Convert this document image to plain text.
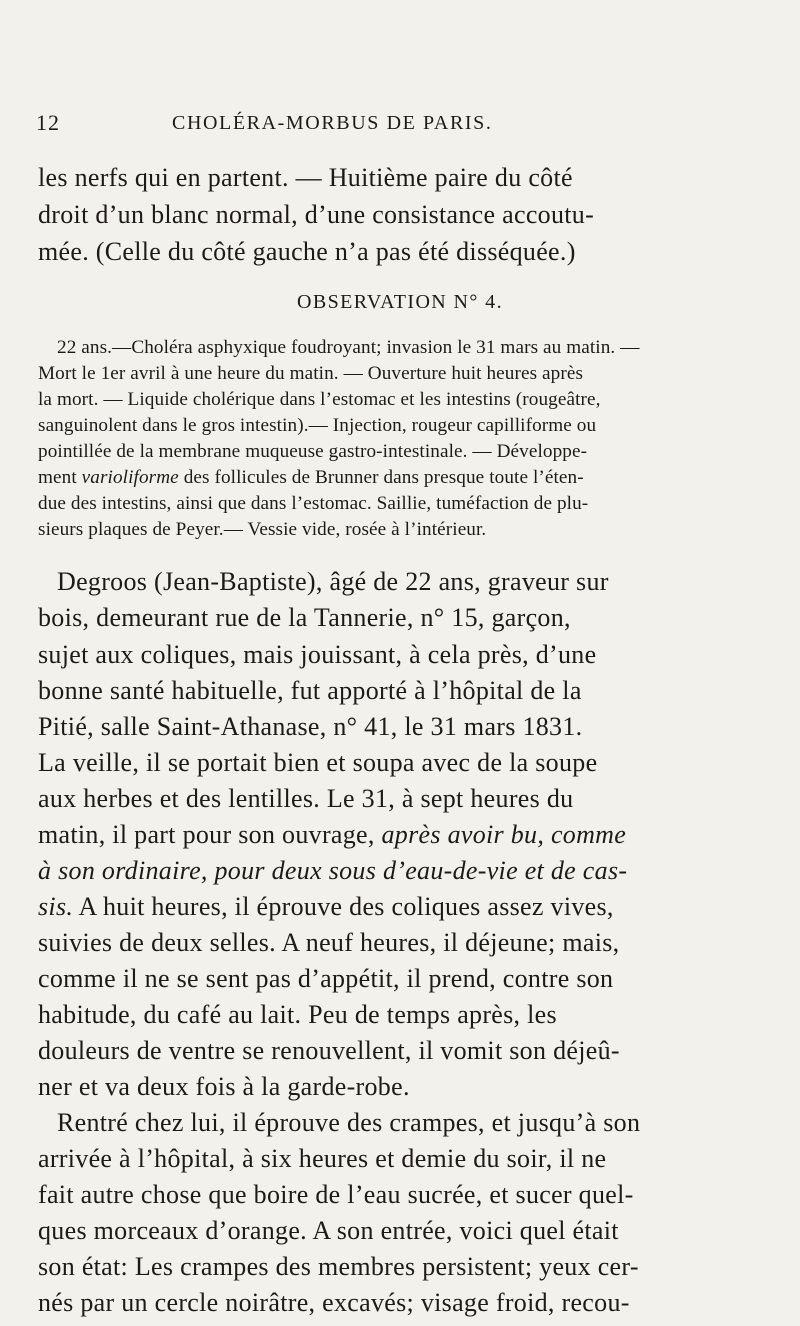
12	CHOLÉRA-MORBUS DE PARIS.
les nerfs qui en partent. — Huitième paire du côté
droit d’un blanc normal, d’une consistance accoutu-
mée. (Celle du côté gauche n’a pas été disséquée.)
OBSERVATION N° 4.
22 ans.—Choléra asphyxique foudroyant; invasion le 31 mars au matin. —
Mort le 1er avril à une heure du matin. — Ouverture huit heures après
la mort. — Liquide cholérique dans l’estomac et les intestins (rougeâtre,
sanguinolent dans le gros intestin).— Injection, rougeur capilliforme ou
pointillée de la membrane muqueuse gastro-intestinale. — Développe-
ment varioliforme des follicules de Brunner dans presque toute l’éten-
due des intestins, ainsi que dans l’estomac. Saillie, tuméfaction de plu-
sieurs plaques de Peyer.— Vessie vide, rosée à l’intérieur.
Degroos (Jean-Baptiste), âgé de 22 ans, graveur sur
bois, demeurant rue de la Tannerie, n° 15, garçon,
sujet aux coliques, mais jouissant, à cela près, d’une
bonne santé habituelle, fut apporté à l’hôpital de la
Pitié, salle Saint-Athanase, n° 41, le 31 mars 1831.
La veille, il se portait bien et soupa avec de la soupe
aux herbes et des lentilles. Le 31, à sept heures du
matin, il part pour son ouvrage, après avoir bu, comme
à son ordinaire, pour deux sous d’eau-de-vie et de cas-
sis. A huit heures, il éprouve des coliques assez vives,
suivies de deux selles. A neuf heures, il déjeune; mais,
comme il ne se sent pas d’appétit, il prend, contre son
habitude, du café au lait. Peu de temps après, les
douleurs de ventre se renouvellent, il vomit son déjeû-
ner et va deux fois à la garde-robe.
Rentré chez lui, il éprouve des crampes, et jusqu’à son
arrivée à l’hôpital, à six heures et demie du soir, il ne
fait autre chose que boire de l’eau sucrée, et sucer quel-
ques morceaux d’orange. A son entrée, voici quel était
son état: Les crampes des membres persistent; yeux cer-
nés par un cercle noirâtre, excavés; visage froid, recou-
